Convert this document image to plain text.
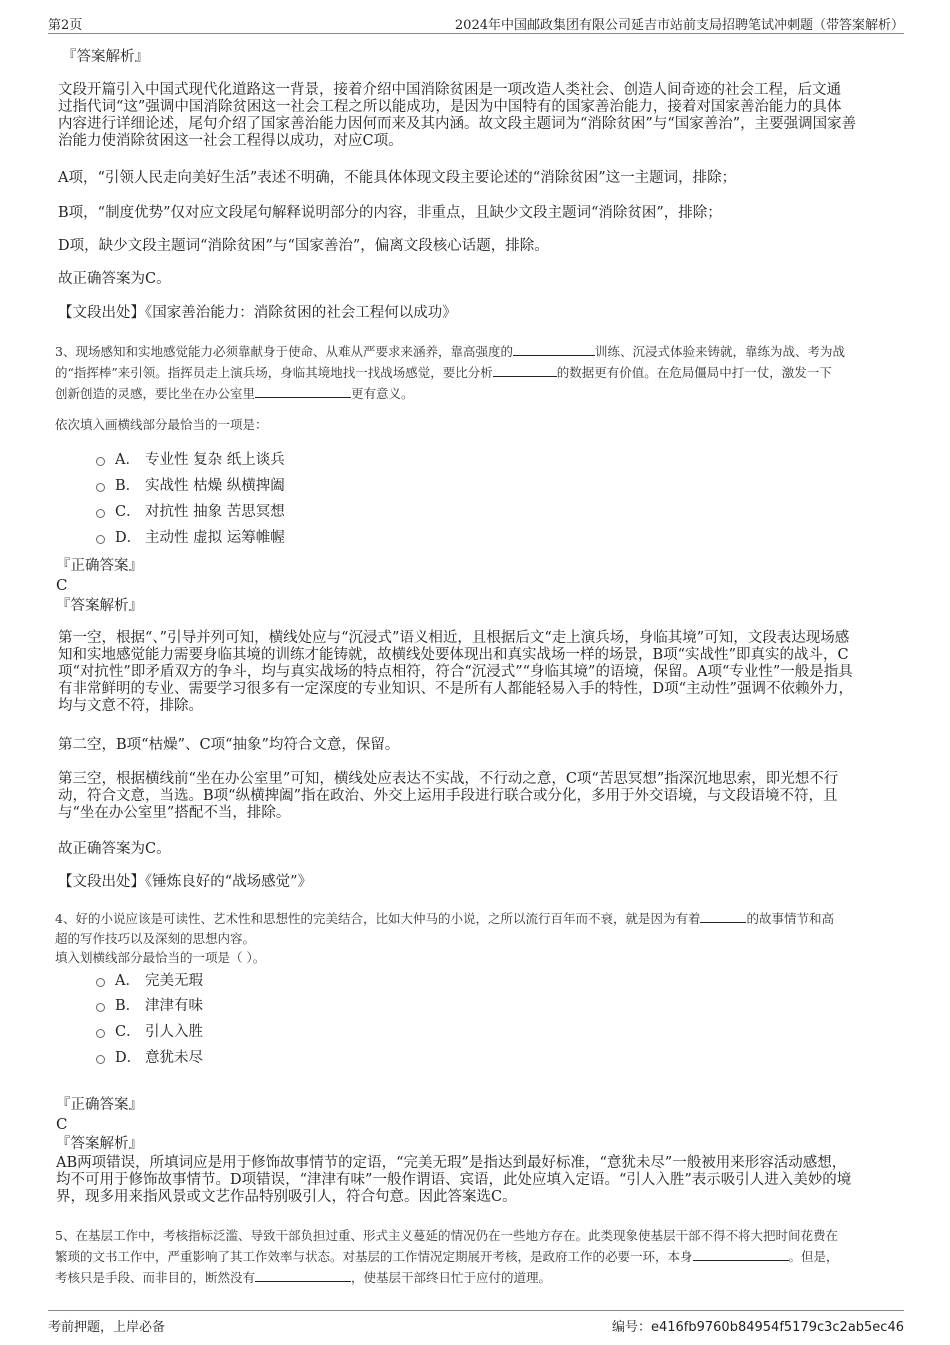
第2页	2024年中国邮政集团有限公司延吉市站前支局招聘笔试冲刺题（带答案解析）
『答案解析』
文段开篇引入中国式现代化道路这一背景，接着介绍中国消除贫困是一项改造人类社会、创造人间奇迹的社会工程，后文通
过指代词“这”强调中国消除贫困这一社会工程之所以能成功，是因为中国特有的国家善治能力，接着对国家善治能力的具体
内容进行详细论述，尾句介绍了国家善治能力因何而来及其内涵。故文段主题词为“消除贫困”与“国家善治”，主要强调国家善
治能力使消除贫困这一社会工程得以成功，对应C项。
A项，“引领人民走向美好生活”表述不明确，不能具体体现文段主要论述的“消除贫困”这一主题词，排除；
B项，“制度优势”仅对应文段尾句解释说明部分的内容，非重点，且缺少文段主题词“消除贫困”，排除；
D项，缺少文段主题词“消除贫困”与“国家善治”，偏离文段核心话题，排除。
故正确答案为C。
【文段出处】《国家善治能力：消除贫困的社会工程何以成功》
3、现场感知和实地感觉能力必须靠献身于使命、从难从严要求来涵养，靠高强度的	训练、沉浸式体验来铸就，靠练为战、考为战
的“指挥棒”来引领。指挥员走上演兵场，身临其境地找一找战场感觉，要比分析	的数据更有价值。在危局僵局中打一仗，激发一下
创新创造的灵感，要比坐在办公室里	更有意义。
依次填入画横线部分最恰当的一项是：
A． 专业性 复杂 纸上谈兵
B． 实战性 枯燥 纵横捭阖
C． 对抗性 抽象 苦思冥想
D． 主动性 虚拟 运筹帷幄
『正确答案』
C
『答案解析』
第一空，根据“、”引导并列可知，横线处应与“沉浸式”语义相近，且根据后文“走上演兵场，身临其境”可知，文段表达现场感
知和实地感觉能力需要身临其境的训练才能铸就，故横线处要体现出和真实战场一样的场景，B项“实战性”即真实的战斗，C
项“对抗性”即矛盾双方的争斗，均与真实战场的特点相符，符合“沉浸式”“身临其境”的语境，保留。A项“专业性”一般是指具
有非常鲜明的专业、需要学习很多有一定深度的专业知识、不是所有人都能轻易入手的特性，D项“主动性”强调不依赖外力，
均与文意不符，排除。
第二空，B项“枯燥”、C项“抽象”均符合文意，保留。
第三空，根据横线前“坐在办公室里”可知，横线处应表达不实战，不行动之意，C项“苦思冥想”指深沉地思索，即光想不行
动，符合文意，当选。B项“纵横捭阖”指在政治、外交上运用手段进行联合或分化，多用于外交语境，与文段语境不符，且
与“坐在办公室里”搭配不当，排除。
故正确答案为C。
【文段出处】《锤炼良好的“战场感觉”》
4、好的小说应该是可读性、艺术性和思想性的完美结合，比如大仲马的小说，之所以流行百年而不衰，就是因为有着	的故事情节和高
超的写作技巧以及深刻的思想内容。
填入划横线部分最恰当的一项是（ ）。
A． 完美无瑕
B． 津津有味
C． 引人入胜
D． 意犹未尽
『正确答案』
C
『答案解析』
AB两项错误，所填词应是用于修饰故事情节的定语，“完美无瑕”是指达到最好标准，“意犹未尽”一般被用来形容活动感想，
均不可用于修饰故事情节。D项错误，“津津有味”一般作谓语、宾语，此处应填入定语。“引人入胜”表示吸引人进入美妙的境
界，现多用来指风景或文艺作品特别吸引人，符合句意。因此答案选C。
5、在基层工作中，考核指标泛滥、导致干部负担过重、形式主义蔓延的情况仍在一些地方存在。此类现象使基层干部不得不将大把时间花费在
繁琐的文书工作中，严重影响了其工作效率与状态。对基层的工作情况定期展开考核，是政府工作的必要一环，本身	。但是，
考核只是手段、而非目的，断然没有	，使基层干部终日忙于应付的道理。
考前押题，上岸必备	编号：e416fb9760b84954f5179c3c2ab5ec46
